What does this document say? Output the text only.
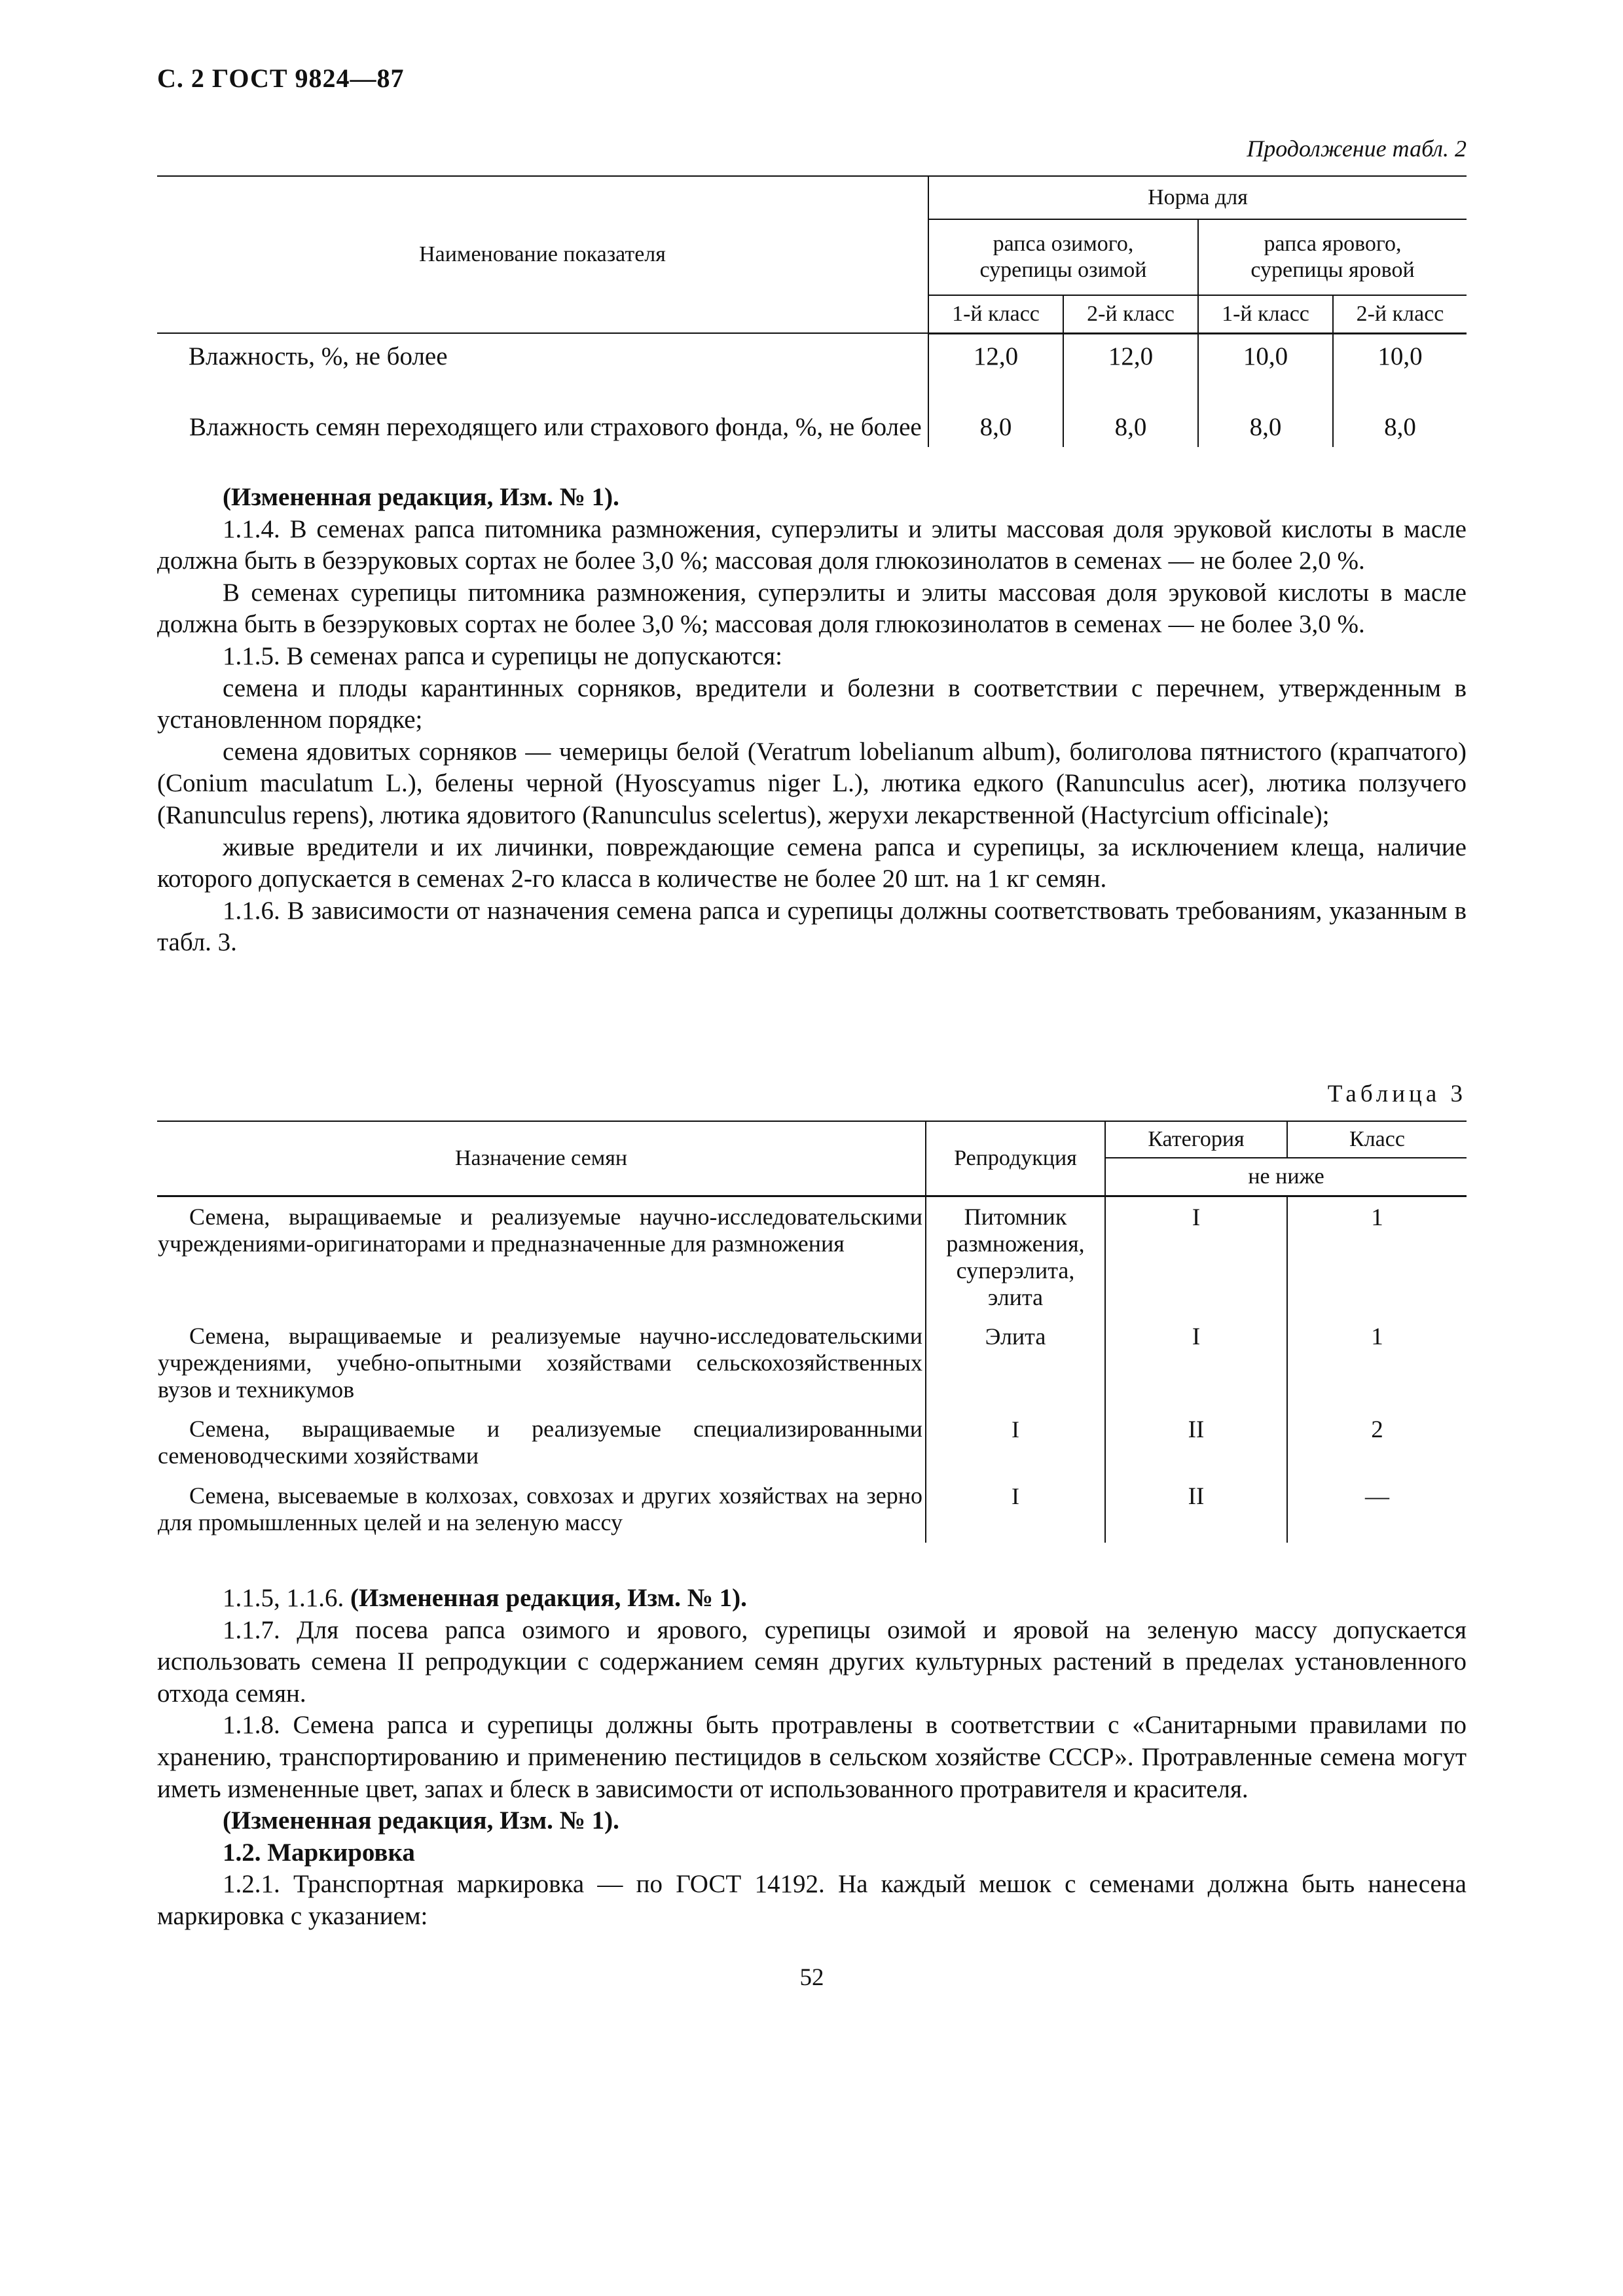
С. 2 ГОСТ 9824—87
Продолжение табл. 2
Наименование показателя	Норма для			
	рапса озимого, сурепицы озимой		рапса ярового, сурепицы яровой	
	1-й класс	2-й класс	1-й класс	2-й класс
Влажность, %, не более	12,0	12,0	10,0	10,0
Влажность семян переходящего или страхового фонда, %, не более	8,0	8,0	8,0	8,0

(Измененная редакция, Изм. № 1).

1.1.4. В семенах рапса питомника размножения, суперэлиты и элиты массовая доля эруковой кислоты в масле должна быть в безэруковых сортах не более 3,0 %; массовая доля глюкозинолатов в семенах — не более 2,0 %.

В семенах сурепицы питомника размножения, суперэлиты и элиты массовая доля эруковой кислоты в масле должна быть в безэруковых сортах не более 3,0 %; массовая доля глюкозинолатов в семенах — не более 3,0 %.

1.1.5. В семенах рапса и сурепицы не допускаются:

семена и плоды карантинных сорняков, вредители и болезни в соответствии с перечнем, утвержденным в установленном порядке;

семена ядовитых сорняков — чемерицы белой (Veratrum lobelianum album), болиголова пятнистого (крапчатого) (Conium maculatum L.), белены черной (Hyoscyamus niger L.), лютика едкого (Ranunculus acer), лютика ползучего (Ranunculus repens), лютика ядовитого (Ranunculus scelertus), жерухи лекарственной (Hactyrcium officinale);

живые вредители и их личинки, повреждающие семена рапса и сурепицы, за исключением клеща, наличие которого допускается в семенах 2-го класса в количестве не более 20 шт. на 1 кг семян.

1.1.6. В зависимости от назначения семена рапса и сурепицы должны соответствовать требованиям, указанным в табл. 3.

Таблица 3
Назначение семян	Репродукция	Категория	Класс
		не ниже	
Семена, выращиваемые и реализуемые научно-исследовательскими учреждениями-оригинаторами и предназначенные для размножения	Питомник размножения, суперэлита, элита	I	1
Семена, выращиваемые и реализуемые научно-исследовательскими учреждениями, учебно-опытными хозяйствами сельскохозяйственных вузов и техникумов	Элита	I	1
Семена, выращиваемые и реализуемые специализированными семеноводческими хозяйствами	I	II	2
Семена, высеваемые в колхозах, совхозах и других хозяйствах на зерно для промышленных целей и на зеленую массу	I	II	—

1.1.5, 1.1.6. (Измененная редакция, Изм. № 1).

1.1.7. Для посева рапса озимого и ярового, сурепицы озимой и яровой на зеленую массу допускается использовать семена II репродукции с содержанием семян других культурных растений в пределах установленного отхода семян.

1.1.8. Семена рапса и сурепицы должны быть протравлены в соответствии с «Санитарными правилами по хранению, транспортированию и применению пестицидов в сельском хозяйстве СССР». Протравленные семена могут иметь измененные цвет, запах и блеск в зависимости от использованного протравителя и красителя.

(Измененная редакция, Изм. № 1).

1.2. Маркировка

1.2.1. Транспортная маркировка — по ГОСТ 14192. На каждый мешок с семенами должна быть нанесена маркировка с указанием:

52
